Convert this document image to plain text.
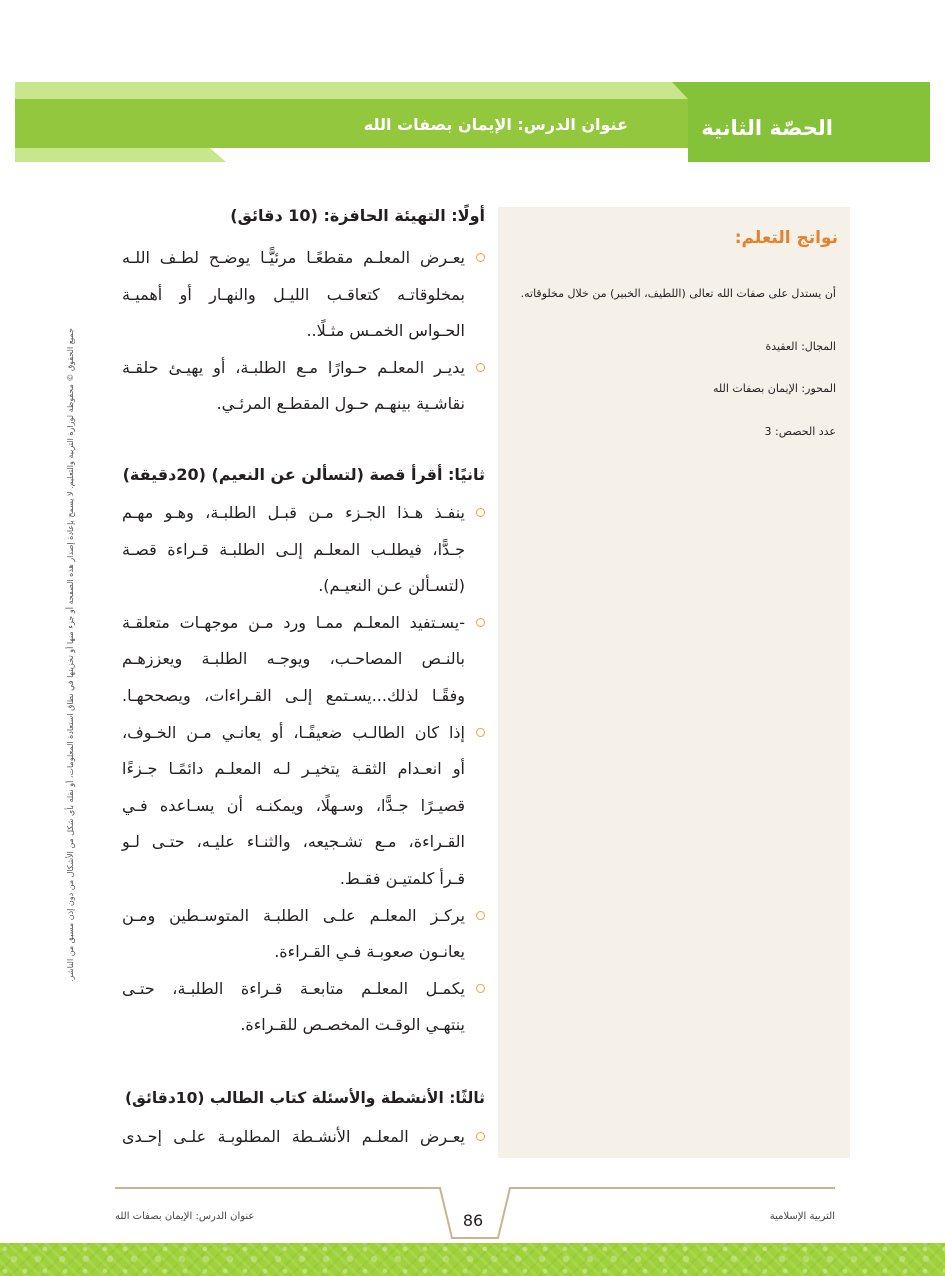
عنوان الدرس: الإيمان بصفات الله	الحصّة الثانية
جميع الحقوق © محفوظة لوزارة التربية والتعليم. لا يسمح بإعادة إصدار هذه الصفحة أو جزء منها أو تخزينها في نطاق استعادة المعلومات، أو نقله بأي شكل من الأشكال من دون إذن مسبق من الناشر.
نواتج التعلم:
أن يستدل على صفات الله تعالى (اللطيف، الخبير) من خلال مخلوقاته.
المجال: العقيدة
المحور: الإيمان بصفات الله
عدد الحصص: 3
أولًا: التهيئة الحافزة: (10 دقائق)
يعـرض المعلـم مقطعًـا مرئيًّـا يوضـح لطـف اللـه
بمخلوقاتـه كتعاقـب الليـل والنهـار أو أهميـة
الحـواس الخمـس مثـلًا..
يديـر المعلـم حـوارًا مـع الطلبـة، أو يهيـئ حلقـة
نقاشـية بينهـم حـول المقطـع المرئـي.
ثانيًا: أقرأ قصة (لتسألن عن النعيم) (20دقيقة)
ينفـذ هـذا الجـزء مـن قبـل الطلبـة، وهـو مهـم
جـدًّا، فيطلـب المعلـم إلـى الطلبـة قـراءة قصـة
(لتسـألن عـن النعيـم).
-يسـتفيد المعلـم ممـا ورد مـن موجهـات متعلقـة
بالنـص المصاحـب، ويوجـه الطلبـة ويعززهـم
وفقًـا لذلك...يسـتمع إلـى القـراءات، ويصححهـا.
إذا كان الطالـب ضعيفًـا، أو يعانـي مـن الخـوف،
أو انعـدام الثقـة يتخيـر لـه المعلـم دائمًـا جـزءًا
قصيـرًا جـدًّا، وسـهلًا، ويمكنـه أن يسـاعده فـي
القـراءة، مـع تشـجيعه، والثنـاء عليـه، حتـى لـو
قـرأ كلمتيـن فقـط.
يركـز المعلـم علـى الطلبـة المتوسـطين ومـن
يعانـون صعوبـة فـي القـراءة.
يكمـل المعلـم متابعـة قـراءة الطلبـة، حتـى
ينتهـي الوقـت المخصـص للقـراءة.
ثالثًا: الأنشطة والأسئلة كتاب الطالب (10دقائق)
يعـرض المعلـم الأنشـطة المطلوبـة علـى إحـدى
التربية الإسلامية
86
عنوان الدرس: الإيمان بصفات الله
